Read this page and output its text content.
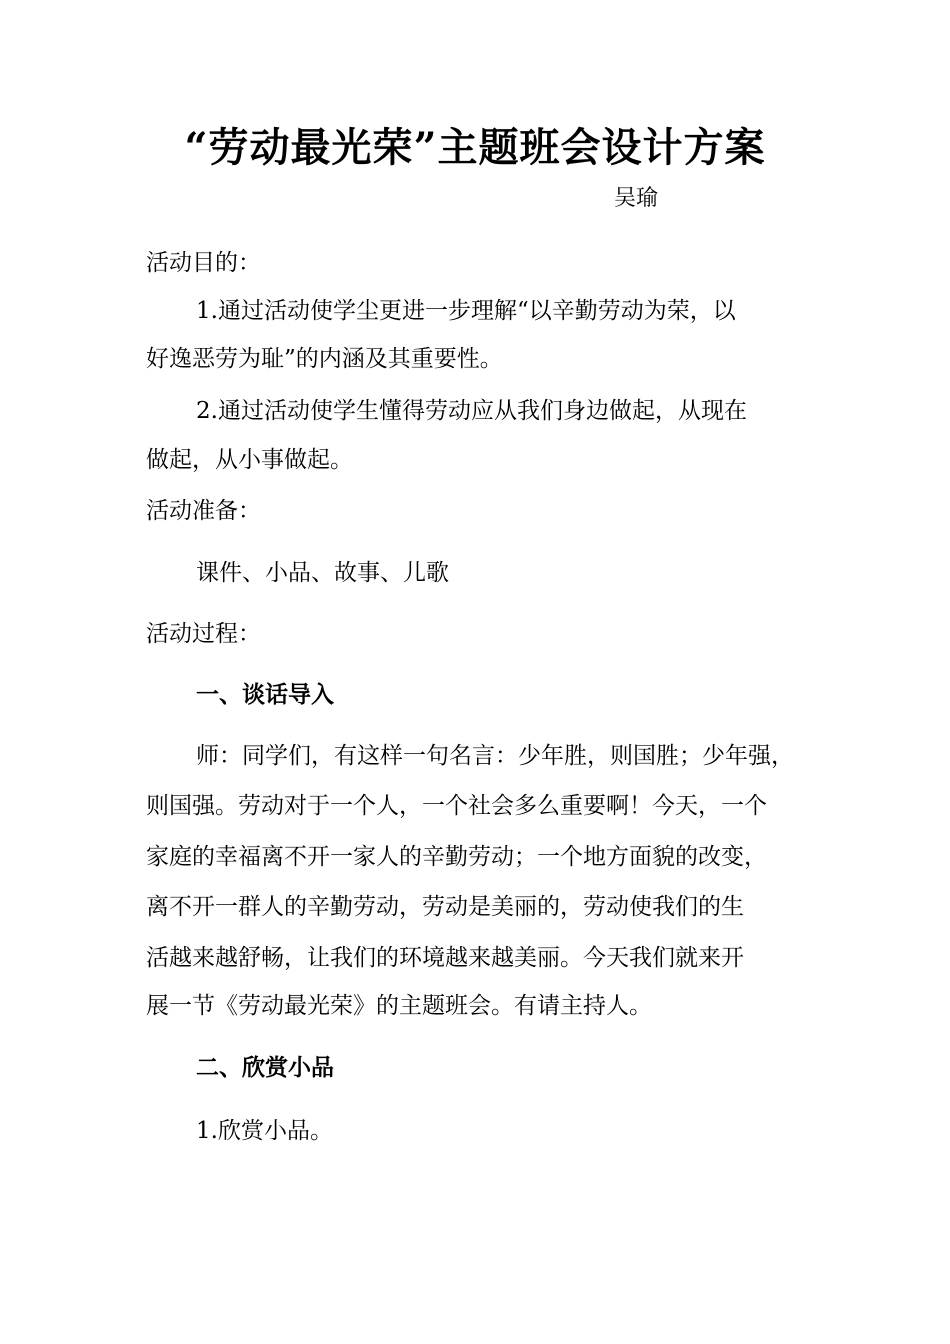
“劳动最光荣”主题班会设计方案
吴瑜
活动目的：
1.通过活动使学尘更进一步理解“以辛勤劳动为荣，以
好逸恶劳为耻”的内涵及其重要性。
2.通过活动使学生懂得劳动应从我们身边做起，从现在
做起，从小事做起。
活动准备：
课件、小品、故事、儿歌
活动过程：
一、谈话导入
师：同学们，有这样一句名言：少年胜，则国胜；少年强，
则国强。劳动对于一个人，一个社会多么重要啊！今天，一个
家庭的幸福离不开一家人的辛勤劳动；一个地方面貌的改变，
离不开一群人的辛勤劳动，劳动是美丽的，劳动使我们的生
活越来越舒畅，让我们的环境越来越美丽。今天我们就来开
展一节《劳动最光荣》的主题班会。有请主持人。
二、欣赏小品
1.欣赏小品。
